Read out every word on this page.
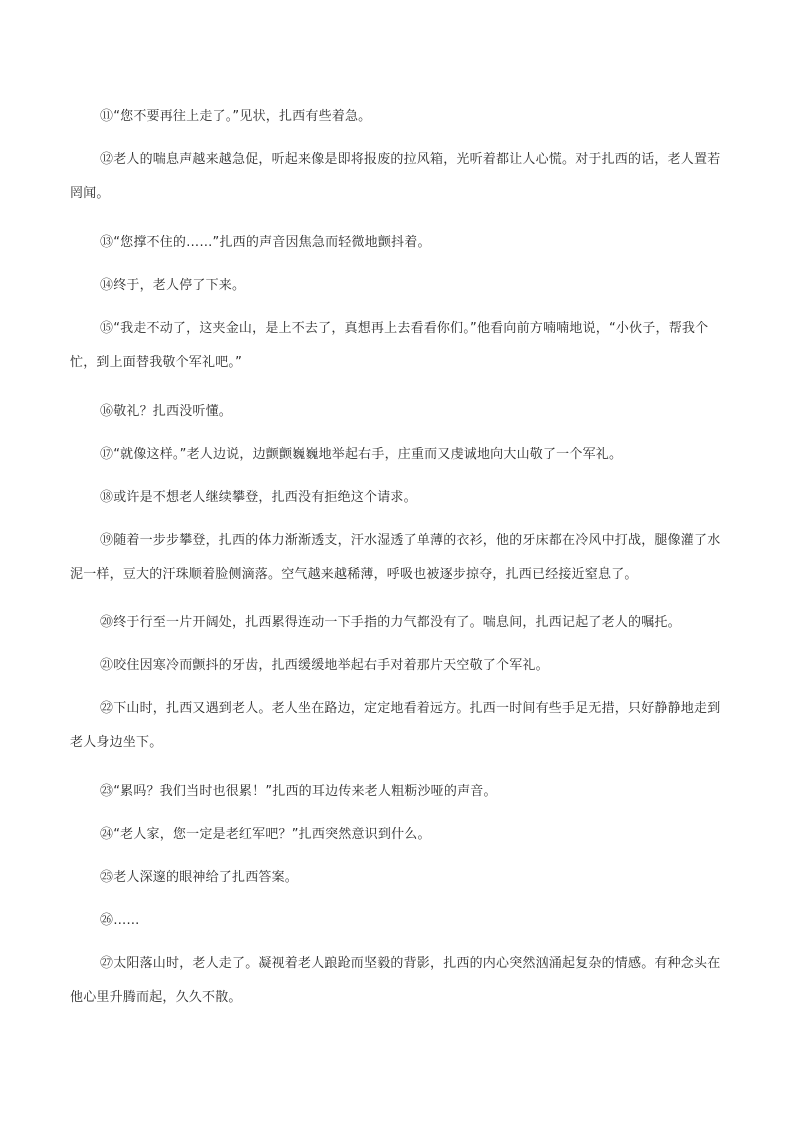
⑪“您不要再往上走了。”见状，扎西有些着急。

⑫老人的喘息声越来越急促，听起来像是即将报废的拉风箱，光听着都让人心慌。对于扎西的话，老人置若罔闻。

⑬“您撑不住的……”扎西的声音因焦急而轻微地颤抖着。

⑭终于，老人停了下来。

⑮“我走不动了，这夹金山，是上不去了，真想再上去看看你们。”他看向前方喃喃地说，“小伙子，帮我个忙，到上面替我敬个军礼吧。”

⑯敬礼？扎西没听懂。

⑰“就像这样。”老人边说，边颤颤巍巍地举起右手，庄重而又虔诚地向大山敬了一个军礼。

⑱或许是不想老人继续攀登，扎西没有拒绝这个请求。

⑲随着一步步攀登，扎西的体力渐渐透支，汗水湿透了单薄的衣衫，他的牙床都在冷风中打战，腿像灌了水泥一样，豆大的汗珠顺着脸侧滴落。空气越来越稀薄，呼吸也被逐步掠夺，扎西已经接近窒息了。

⑳终于行至一片开阔处，扎西累得连动一下手指的力气都没有了。喘息间，扎西记起了老人的嘱托。

㉑咬住因寒冷而颤抖的牙齿，扎西缓缓地举起右手对着那片天空敬了个军礼。

㉒下山时，扎西又遇到老人。老人坐在路边，定定地看着远方。扎西一时间有些手足无措，只好静静地走到老人身边坐下。

㉓“累吗？我们当时也很累！”扎西的耳边传来老人粗粝沙哑的声音。

㉔“老人家，您一定是老红军吧？”扎西突然意识到什么。

㉕老人深邃的眼神给了扎西答案。

㉖……

㉗太阳落山时，老人走了。凝视着老人踉跄而坚毅的背影，扎西的内心突然汹涌起复杂的情感。有种念头在他心里升腾而起，久久不散。
